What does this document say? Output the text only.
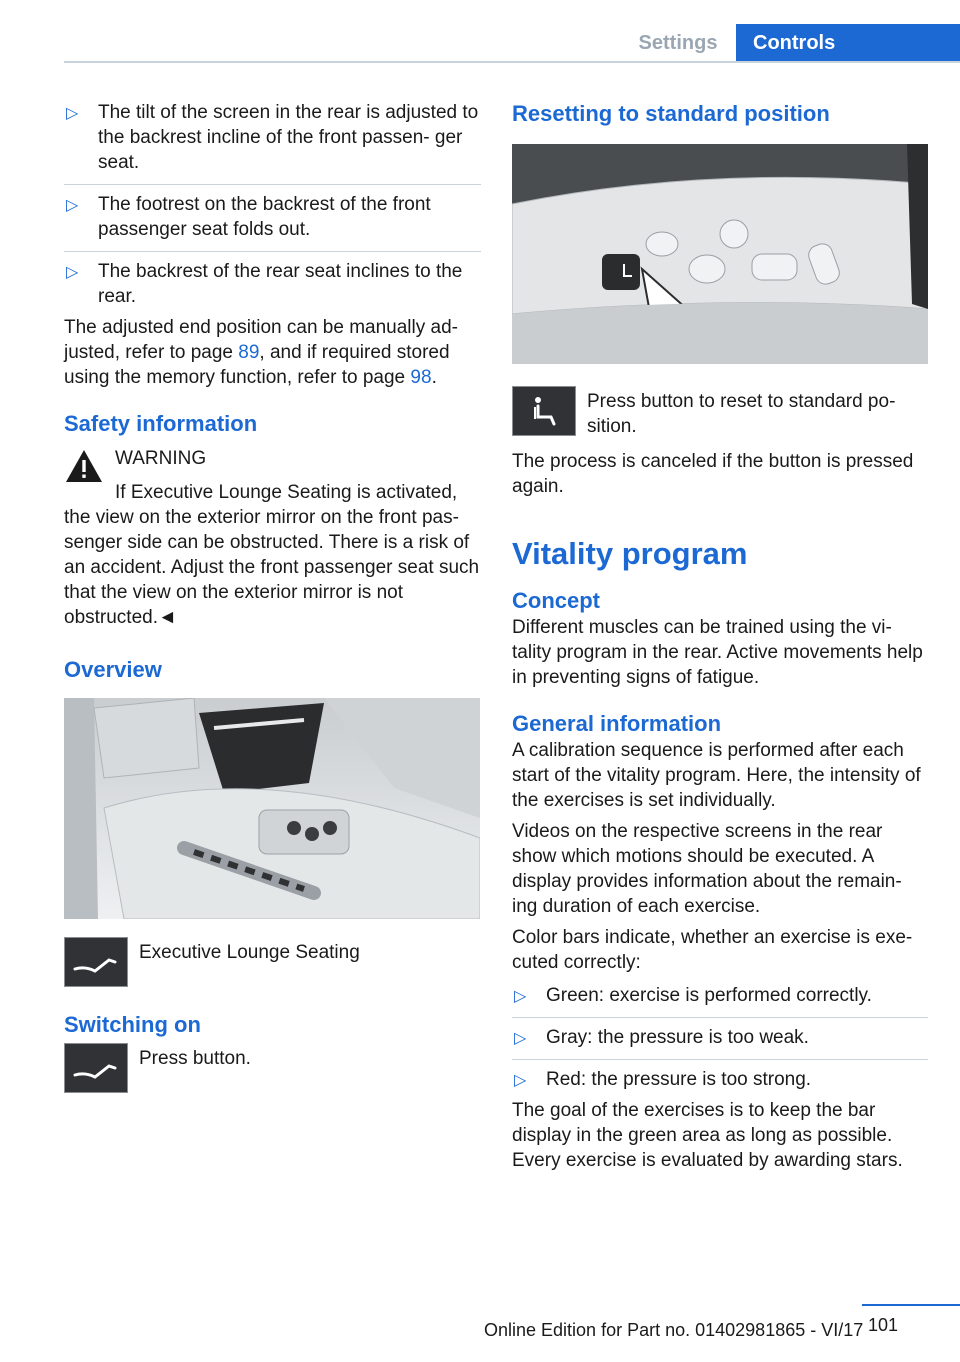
Settings	Controls
▷ The tilt of the screen in the rear is adjusted to the backrest incline of the front passen‐ ger seat.
▷ The footrest on the backrest of the front passenger seat folds out.
▷ The backrest of the rear seat inclines to the rear.

The adjusted end position can be manually ad‐ justed, refer to page 89, and if required stored using the memory function, refer to page 98.

Safety information
WARNING
If Executive Lounge Seating is activated,

the view on the exterior mirror on the front pas‐ senger side can be obstructed. There is a risk of an accident. Adjust the front passenger seat such that the view on the exterior mirror is not obstructed.◄

Overview
Executive Lounge Seating
Switching on
Press button.
Resetting to standard position
Press button to reset to standard po‐ sition.

The process is canceled if the button is pressed again.

Vitality program
Concept

Different muscles can be trained using the vi‐ tality program in the rear. Active movements help in preventing signs of fatigue.

General information

A calibration sequence is performed after each start of the vitality program. Here, the intensity of the exercises is set individually.

Videos on the respective screens in the rear show which motions should be executed. A display provides information about the remain‐ ing duration of each exercise.

Color bars indicate, whether an exercise is exe‐ cuted correctly:

▷ Green: exercise is performed correctly.
▷ Gray: the pressure is too weak.
▷ Red: the pressure is too strong.

The goal of the exercises is to keep the bar display in the green area as long as possible. Every exercise is evaluated by awarding stars.

101
Online Edition for Part no. 01402981865 - VI/17
